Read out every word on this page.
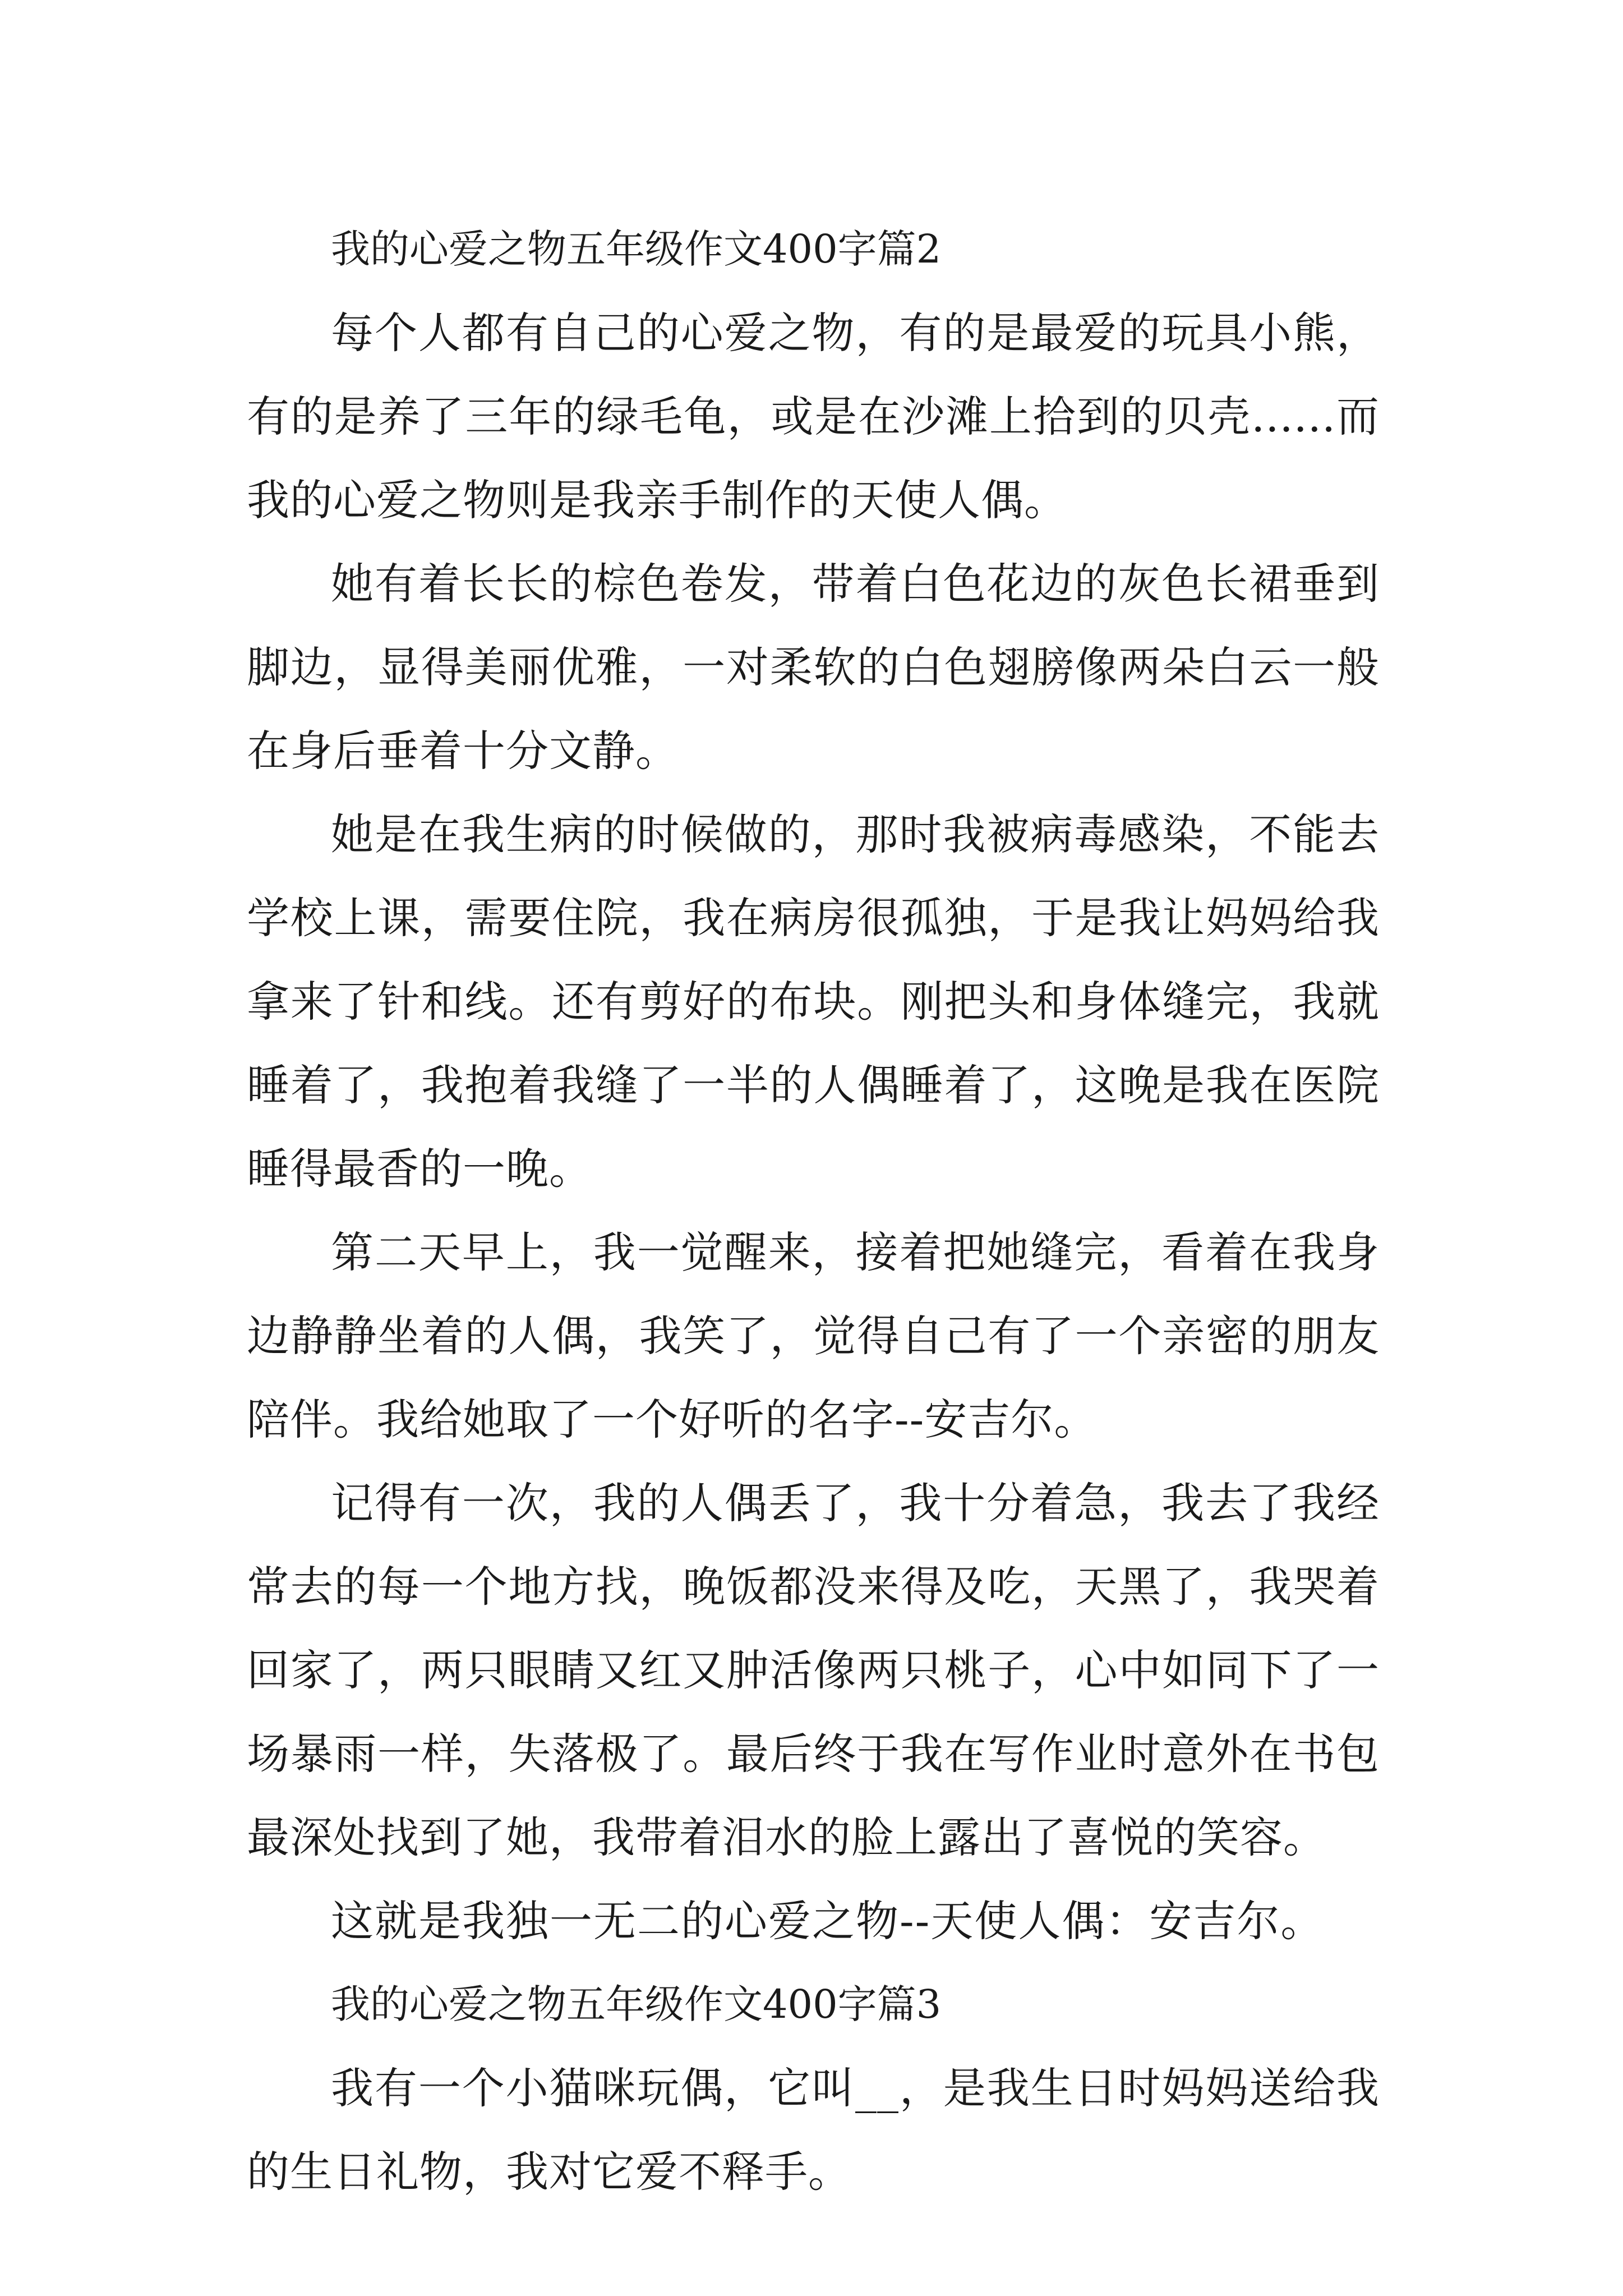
我的心爱之物五年级作文400字篇2

每个人都有自己的心爱之物，有的是最爱的玩具小熊，有的是养了三年的绿毛龟，或是在沙滩上拾到的贝壳......而我的心爱之物则是我亲手制作的天使人偶。

她有着长长的棕色卷发，带着白色花边的灰色长裙垂到脚边，显得美丽优雅，一对柔软的白色翅膀像两朵白云一般在身后垂着十分文静。

她是在我生病的时候做的，那时我被病毒感染，不能去学校上课，需要住院，我在病房很孤独，于是我让妈妈给我拿来了针和线。还有剪好的布块。刚把头和身体缝完，我就睡着了，我抱着我缝了一半的人偶睡着了，这晚是我在医院睡得最香的一晚。

第二天早上，我一觉醒来，接着把她缝完，看着在我身边静静坐着的人偶，我笑了，觉得自己有了一个亲密的朋友陪伴。我给她取了一个好听的名字--安吉尔。

记得有一次，我的人偶丢了，我十分着急，我去了我经常去的每一个地方找，晚饭都没来得及吃，天黑了，我哭着回家了，两只眼睛又红又肿活像两只桃子，心中如同下了一场暴雨一样，失落极了。最后终于我在写作业时意外在书包最深处找到了她，我带着泪水的脸上露出了喜悦的笑容。

这就是我独一无二的心爱之物--天使人偶：安吉尔。

我的心爱之物五年级作文400字篇3

我有一个小猫咪玩偶，它叫__，是我生日时妈妈送给我的生日礼物，我对它爱不释手。
